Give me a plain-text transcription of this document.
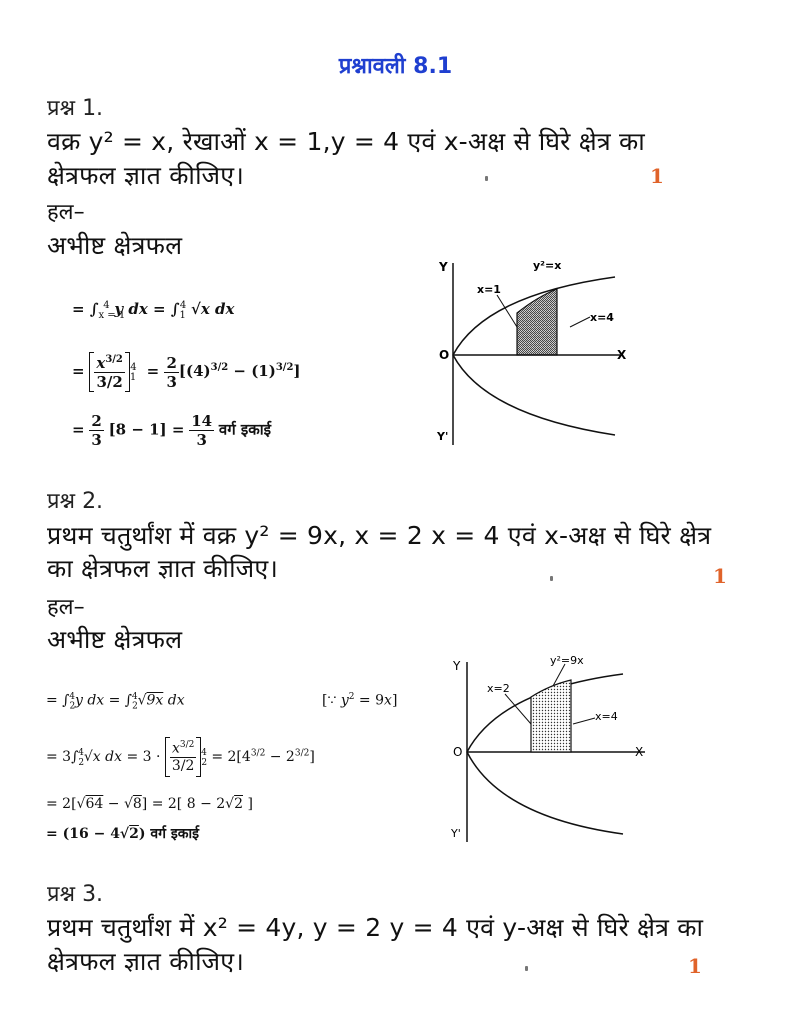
प्रश्नावली 8.1
प्रश्न 1.
वक्र y² = x, रेखाओं x = 1,y = 4 एवं x-अक्ष से घिरे क्षेत्र का
क्षेत्रफल ज्ञात कीजिए।	1
हल–
अभीष्ट क्षेत्रफल
= $\int_{x = 1}^4$ y dx = $\int_1^4$ √x dx
= $\frac{x^{3/2}}{3/2} _1^4 = \frac{2}{3} [(4)^{3/2} - (1)^{3/2}]$
= $\frac{2}{3} [8 - 1] = \frac{14}{3}$ वर्ग इकाई
Y
Y'
X
O
y²=x
x=1
x=4
प्रश्न 2.
प्रथम चतुर्थांश में वक्र y² = 9x, x = 2 x = 4 एवं x-अक्ष से घिरे क्षेत्र
का क्षेत्रफल ज्ञात कीजिए।	1
हल–
अभीष्ट क्षेत्रफल
= $\int_2^4y$ dx = $\int_2^4√9x$ dx	[∵ $y^2 = 9x$]
= $3\int_2^4√x$ dx = $3 \cdot \frac{x^{3/2}}{3/2} _2^4 = 2[4^{3/2} - 2^{3/2}]$
= 2[√64 − √8] = 2[ 8 − 2√2 ]
= (16 − 4√2) वर्ग इकाई
Y
Y'
X
O
y²=9x
x=2
x=4
प्रश्न 3.
प्रथम चतुर्थांश में x² = 4y, y = 2 y = 4 एवं y-अक्ष से घिरे क्षेत्र का
क्षेत्रफल ज्ञात कीजिए।	1
